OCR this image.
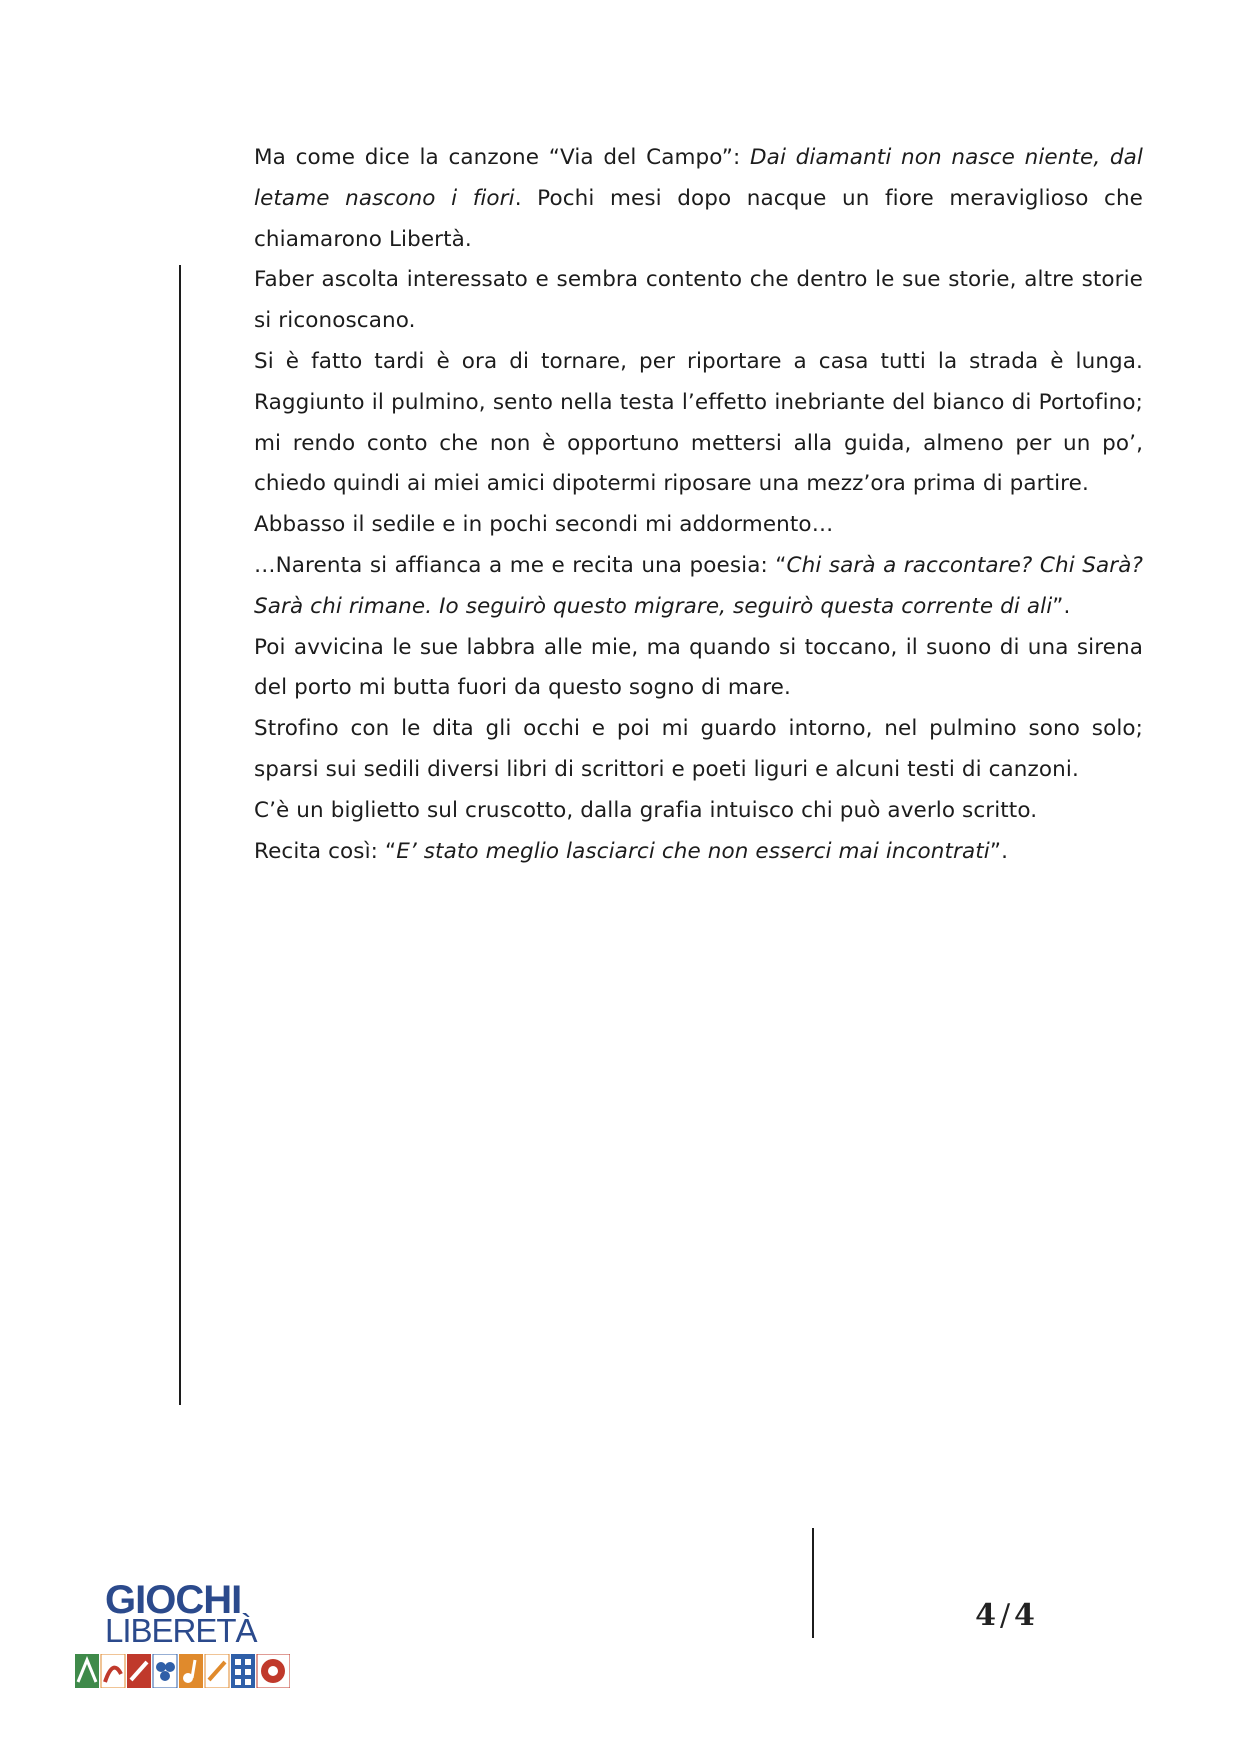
Ma come dice la canzone “Via del Campo”: Dai diamanti non nasce niente, dal letame nascono i fiori. Pochi mesi dopo nacque un fiore meraviglioso che chiamarono Libertà.

Faber ascolta interessato e sembra contento che dentro le sue storie, altre storie si riconoscano.

Si è fatto tardi è ora di tornare, per riportare a casa tutti la strada è lunga. Raggiunto il pulmino, sento nella testa l’effetto inebriante del bianco di Portofino; mi rendo conto che non è opportuno mettersi alla guida, almeno per un po’, chiedo quindi ai miei amici dipotermi riposare una mezz’ora prima di partire.

Abbasso il sedile e in pochi secondi mi addormento…

…Narenta si affianca a me e recita una poesia: “Chi sarà a raccontare? Chi Sarà? Sarà chi rimane. Io seguirò questo migrare, seguirò questa corrente di ali”.

Poi avvicina le sue labbra alle mie, ma quando si toccano, il suono di una sirena del porto mi butta fuori da questo sogno di mare.

Strofino con le dita gli occhi e poi mi guardo intorno, nel pulmino sono solo; sparsi sui sedili diversi libri di scrittori e poeti liguri e alcuni testi di canzoni.

C’è un biglietto sul cruscotto, dalla grafia intuisco chi può averlo scritto.

Recita così: “E’ stato meglio lasciarci che non esserci mai incontrati”.

GIOCHI
LIBERETÀ	4 / 4
